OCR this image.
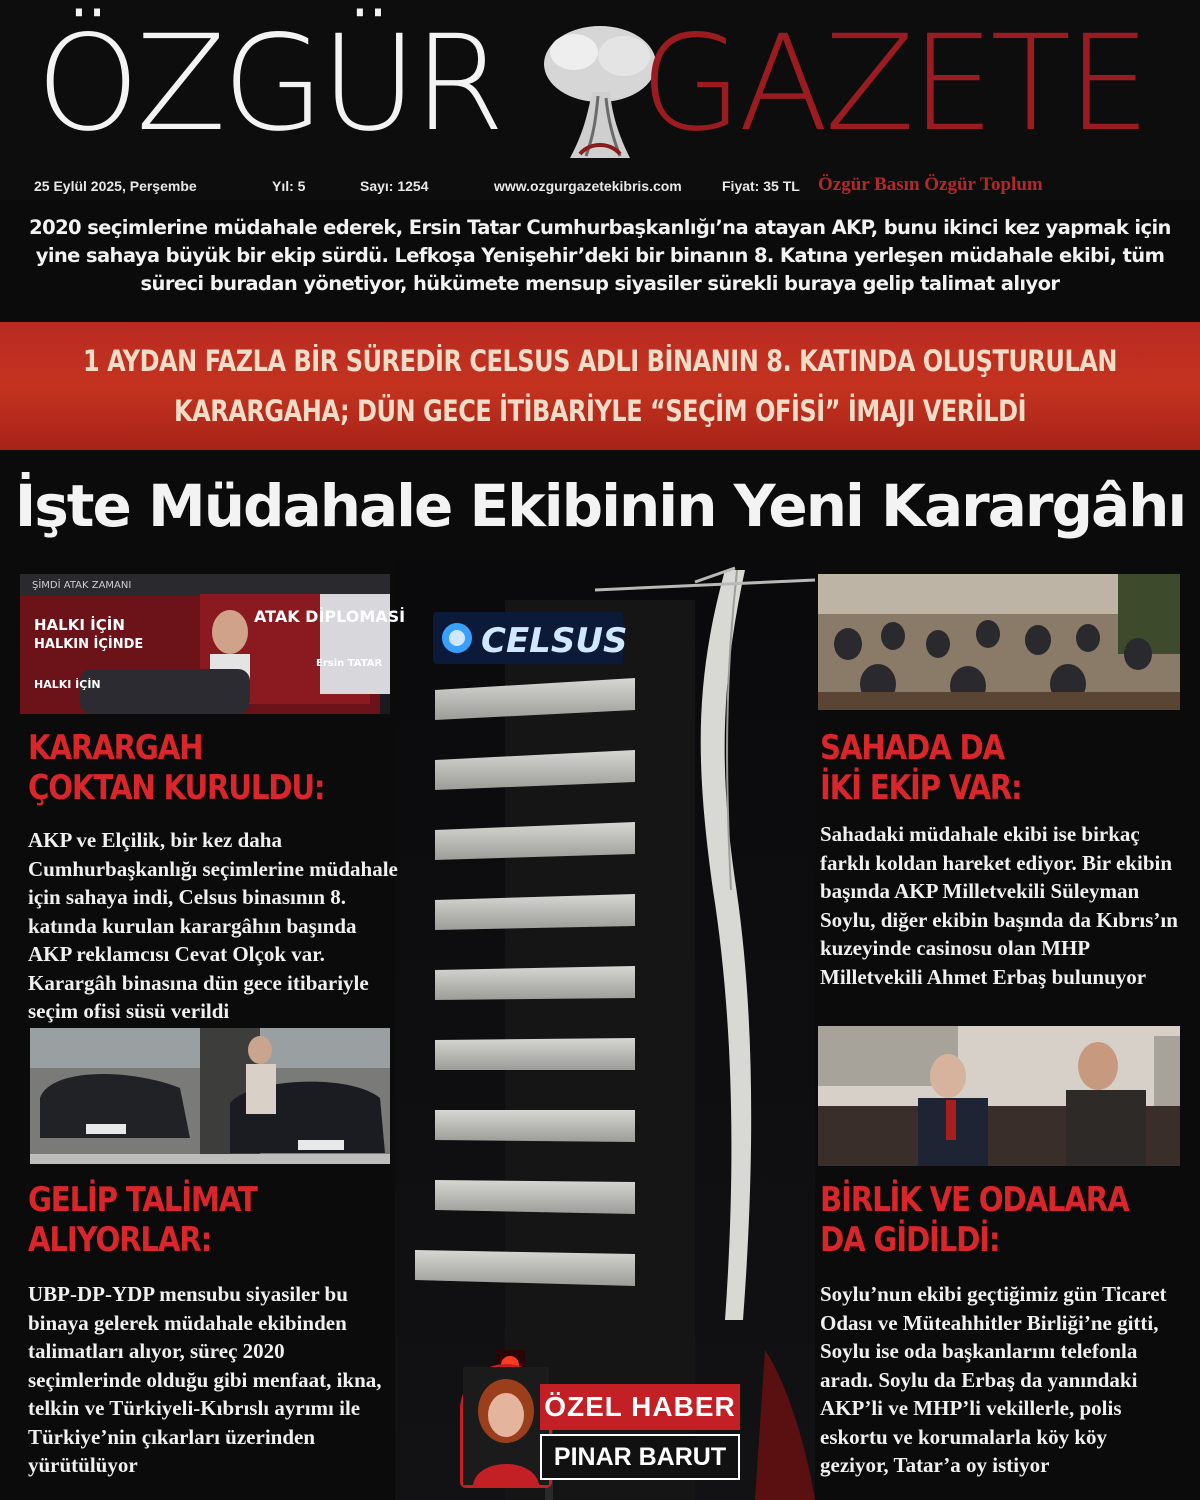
ÖZGÜR GAZETE
25 Eylül 2025, Perşembe	Yıl: 5	Sayı: 1254	www.ozgurgazetekibris.com	Fiyat: 35 TL Özgür Basın Özgür Toplum
2020 seçimlerine müdahale ederek, Ersin Tatar Cumhurbaşkanlığı’na atayan AKP, bunu ikinci kez yapmak için yine sahaya büyük bir ekip sürdü. Lefkoşa Yenişehir’deki bir binanın 8. Katına yerleşen müdahale ekibi, tüm süreci buradan yönetiyor, hükümete mensup siyasiler sürekli buraya gelip talimat alıyor
1 AYDAN FAZLA BİR SÜREDİR CELSUS ADLI BİNANIN 8. KATINDA OLUŞTURULAN
KARARGAHA; DÜN GECE İTİBARİYLE “SEÇİM OFİSİ” İMAJI VERİLDİ
İşte Müdahale Ekibinin Yeni Karargâhı
CELSUS
ŞİMDİ ATAK ZAMANI
HALKI İÇİN
HALKIN İÇİNDE
HALKI İÇİN
ATAK DİPLOMASİ
Ersin TATAR
KARARGAH
ÇOKTAN KURULDU:
AKP ve Elçilik, bir kez daha Cumhurbaşkanlığı seçimlerine müdahale için sahaya indi, Celsus binasının 8. katında kurulan karargâhın başında AKP reklamcısı Cevat Olçok var. Karargâh binasına dün gece itibariyle seçim ofisi süsü verildi
SAHADA DA
İKİ EKİP VAR:
Sahadaki müdahale ekibi ise birkaç farklı koldan hareket ediyor. Bir ekibin başında AKP Milletvekili Süleyman Soylu, diğer ekibin başında da Kıbrıs’ın kuzeyinde casinosu olan MHP Milletvekili Ahmet Erbaş bulunuyor
GELİP TALİMAT
ALIYORLAR:
UBP-DP-YDP mensubu siyasiler bu binaya gelerek müdahale ekibinden talimatları alıyor, süreç 2020 seçimlerinde olduğu gibi menfaat, ikna, telkin ve Türkiyeli-Kıbrıslı ayrımı ile Türkiye’nin çıkarları üzerinden yürütülüyor
BİRLİK VE ODALARA
DA GİDİLDİ:
Soylu’nun ekibi geçtiğimiz gün Ticaret Odası ve Müteahhitler Birliği’ne gitti, Soylu ise oda başkanlarını telefonla aradı. Soylu da Erbaş da yanındaki AKP’li ve MHP’li vekillerle, polis eskortu ve korumalarla köy köy geziyor, Tatar’a oy istiyor
ÖZEL HABER
PINAR BARUT
